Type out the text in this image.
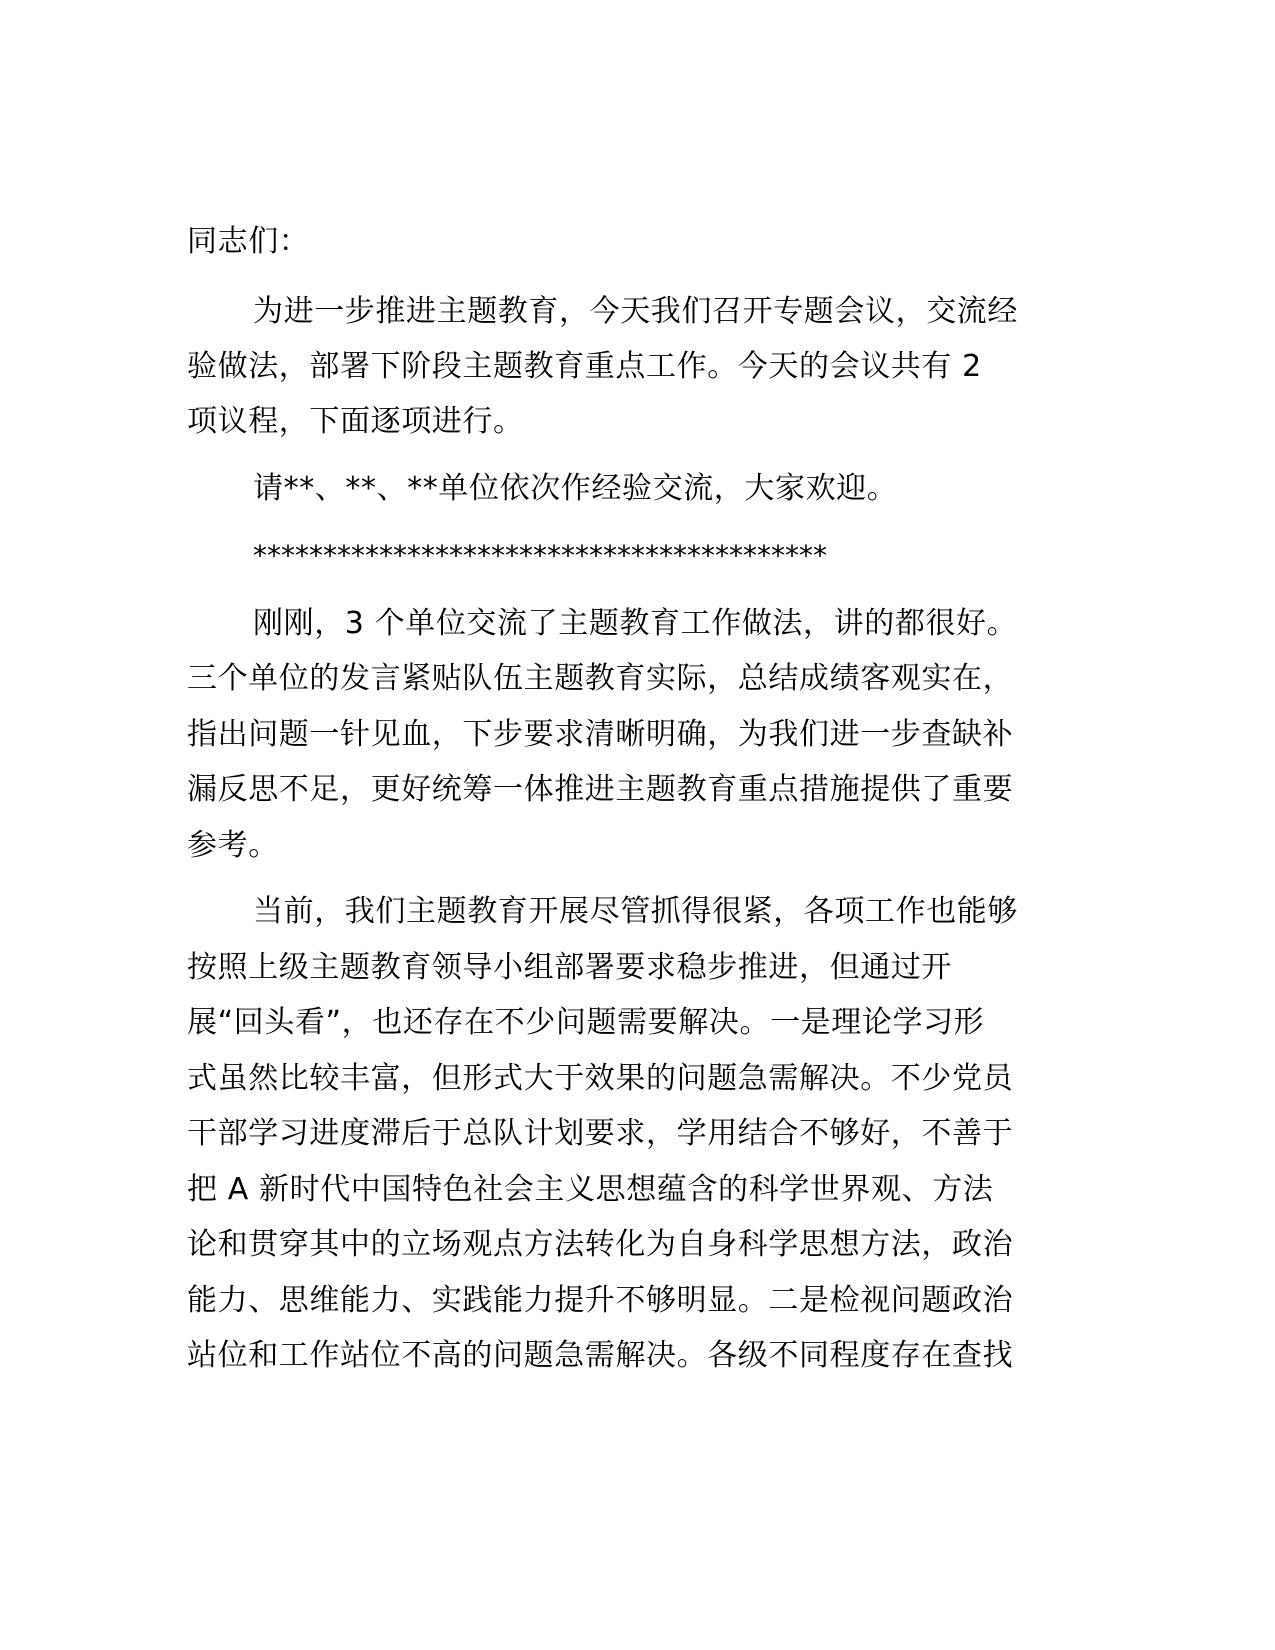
同志们：
为进一步推进主题教育，今天我们召开专题会议，交流经
验做法，部署下阶段主题教育重点工作。今天的会议共有 2
项议程，下面逐项进行。
请**、**、**单位依次作经验交流，大家欢迎。
*****************************************
刚刚，3 个单位交流了主题教育工作做法，讲的都很好。
三个单位的发言紧贴队伍主题教育实际，总结成绩客观实在，
指出问题一针见血，下步要求清晰明确，为我们进一步查缺补
漏反思不足，更好统筹一体推进主题教育重点措施提供了重要
参考。
当前，我们主题教育开展尽管抓得很紧，各项工作也能够
按照上级主题教育领导小组部署要求稳步推进，但通过开
展“回头看”，也还存在不少问题需要解决。一是理论学习形
式虽然比较丰富，但形式大于效果的问题急需解决。不少党员
干部学习进度滞后于总队计划要求，学用结合不够好，不善于
把 A 新时代中国特色社会主义思想蕴含的科学世界观、方法
论和贯穿其中的立场观点方法转化为自身科学思想方法，政治
能力、思维能力、实践能力提升不够明显。二是检视问题政治
站位和工作站位不高的问题急需解决。各级不同程度存在查找
